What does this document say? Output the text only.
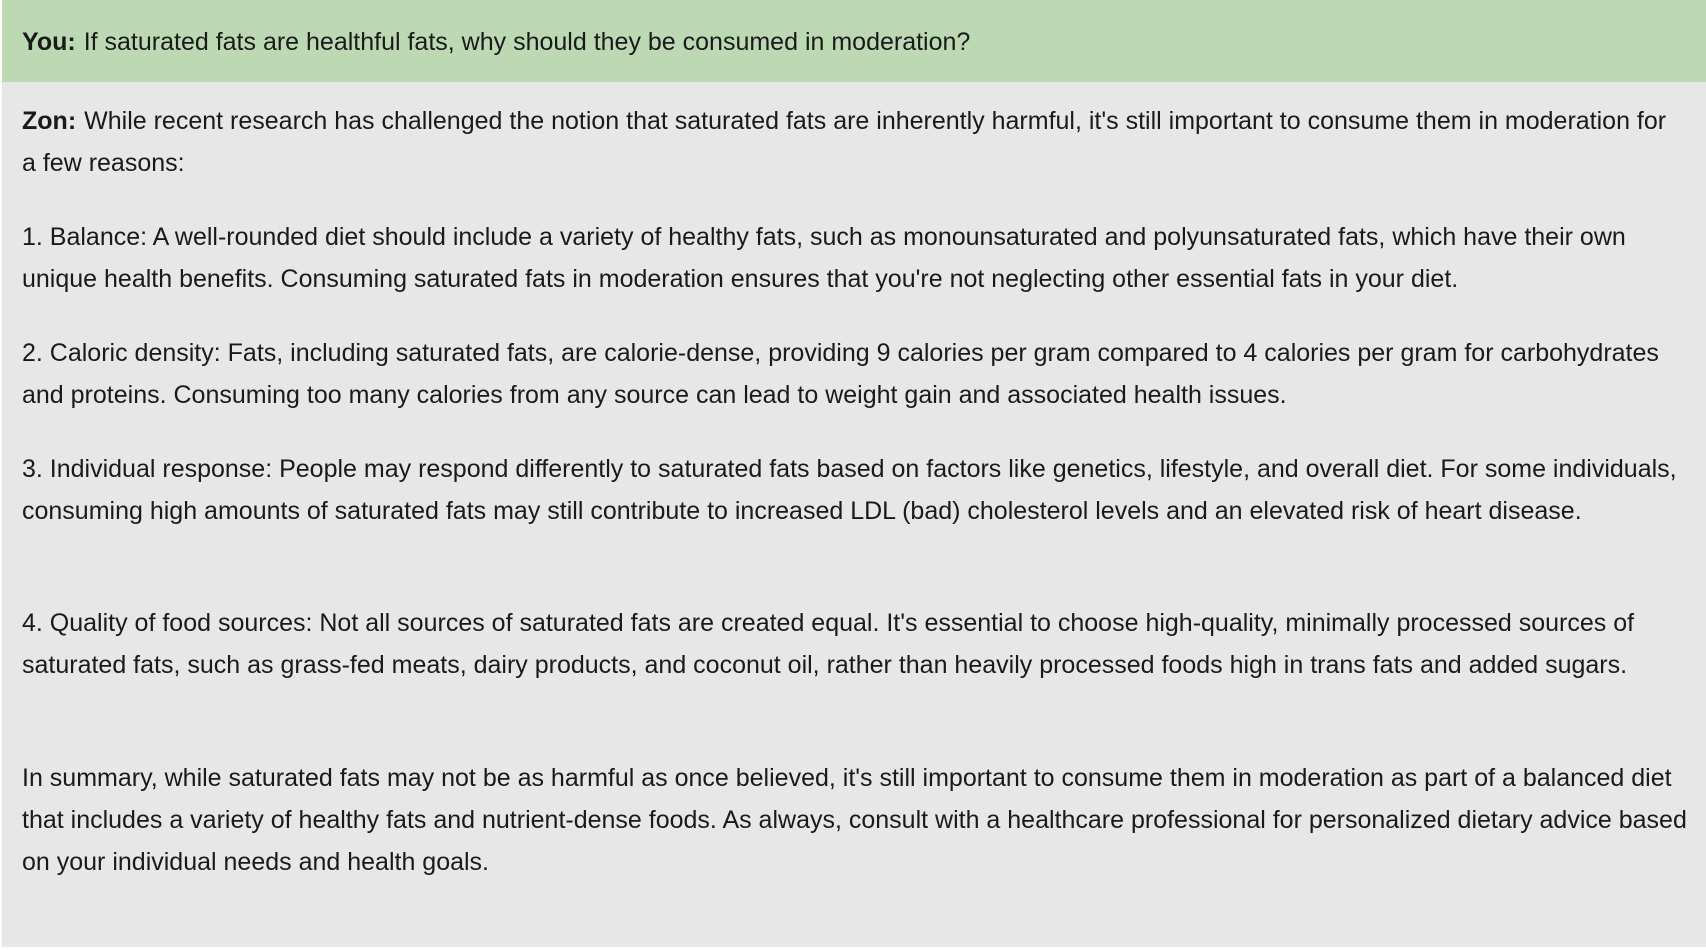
You: If saturated fats are healthful fats, why should they be consumed in moderation?
Zon: While recent research has challenged the notion that saturated fats are inherently harmful, it's still important to consume them in moderation for a few reasons:

1. Balance: A well-rounded diet should include a variety of healthy fats, such as monounsaturated and polyunsaturated fats, which have their own unique health benefits. Consuming saturated fats in moderation ensures that you're not neglecting other essential fats in your diet.

2. Caloric density: Fats, including saturated fats, are calorie-dense, providing 9 calories per gram compared to 4 calories per gram for carbohydrates and proteins. Consuming too many calories from any source can lead to weight gain and associated health issues.

3. Individual response: People may respond differently to saturated fats based on factors like genetics, lifestyle, and overall diet. For some individuals, consuming high amounts of saturated fats may still contribute to increased LDL (bad) cholesterol levels and an elevated risk of heart disease.

4. Quality of food sources: Not all sources of saturated fats are created equal. It's essential to choose high-quality, minimally processed sources of saturated fats, such as grass-fed meats, dairy products, and coconut oil, rather than heavily processed foods high in trans fats and added sugars.

In summary, while saturated fats may not be as harmful as once believed, it's still important to consume them in moderation as part of a balanced diet that includes a variety of healthy fats and nutrient-dense foods. As always, consult with a healthcare professional for personalized dietary advice based on your individual needs and health goals.
